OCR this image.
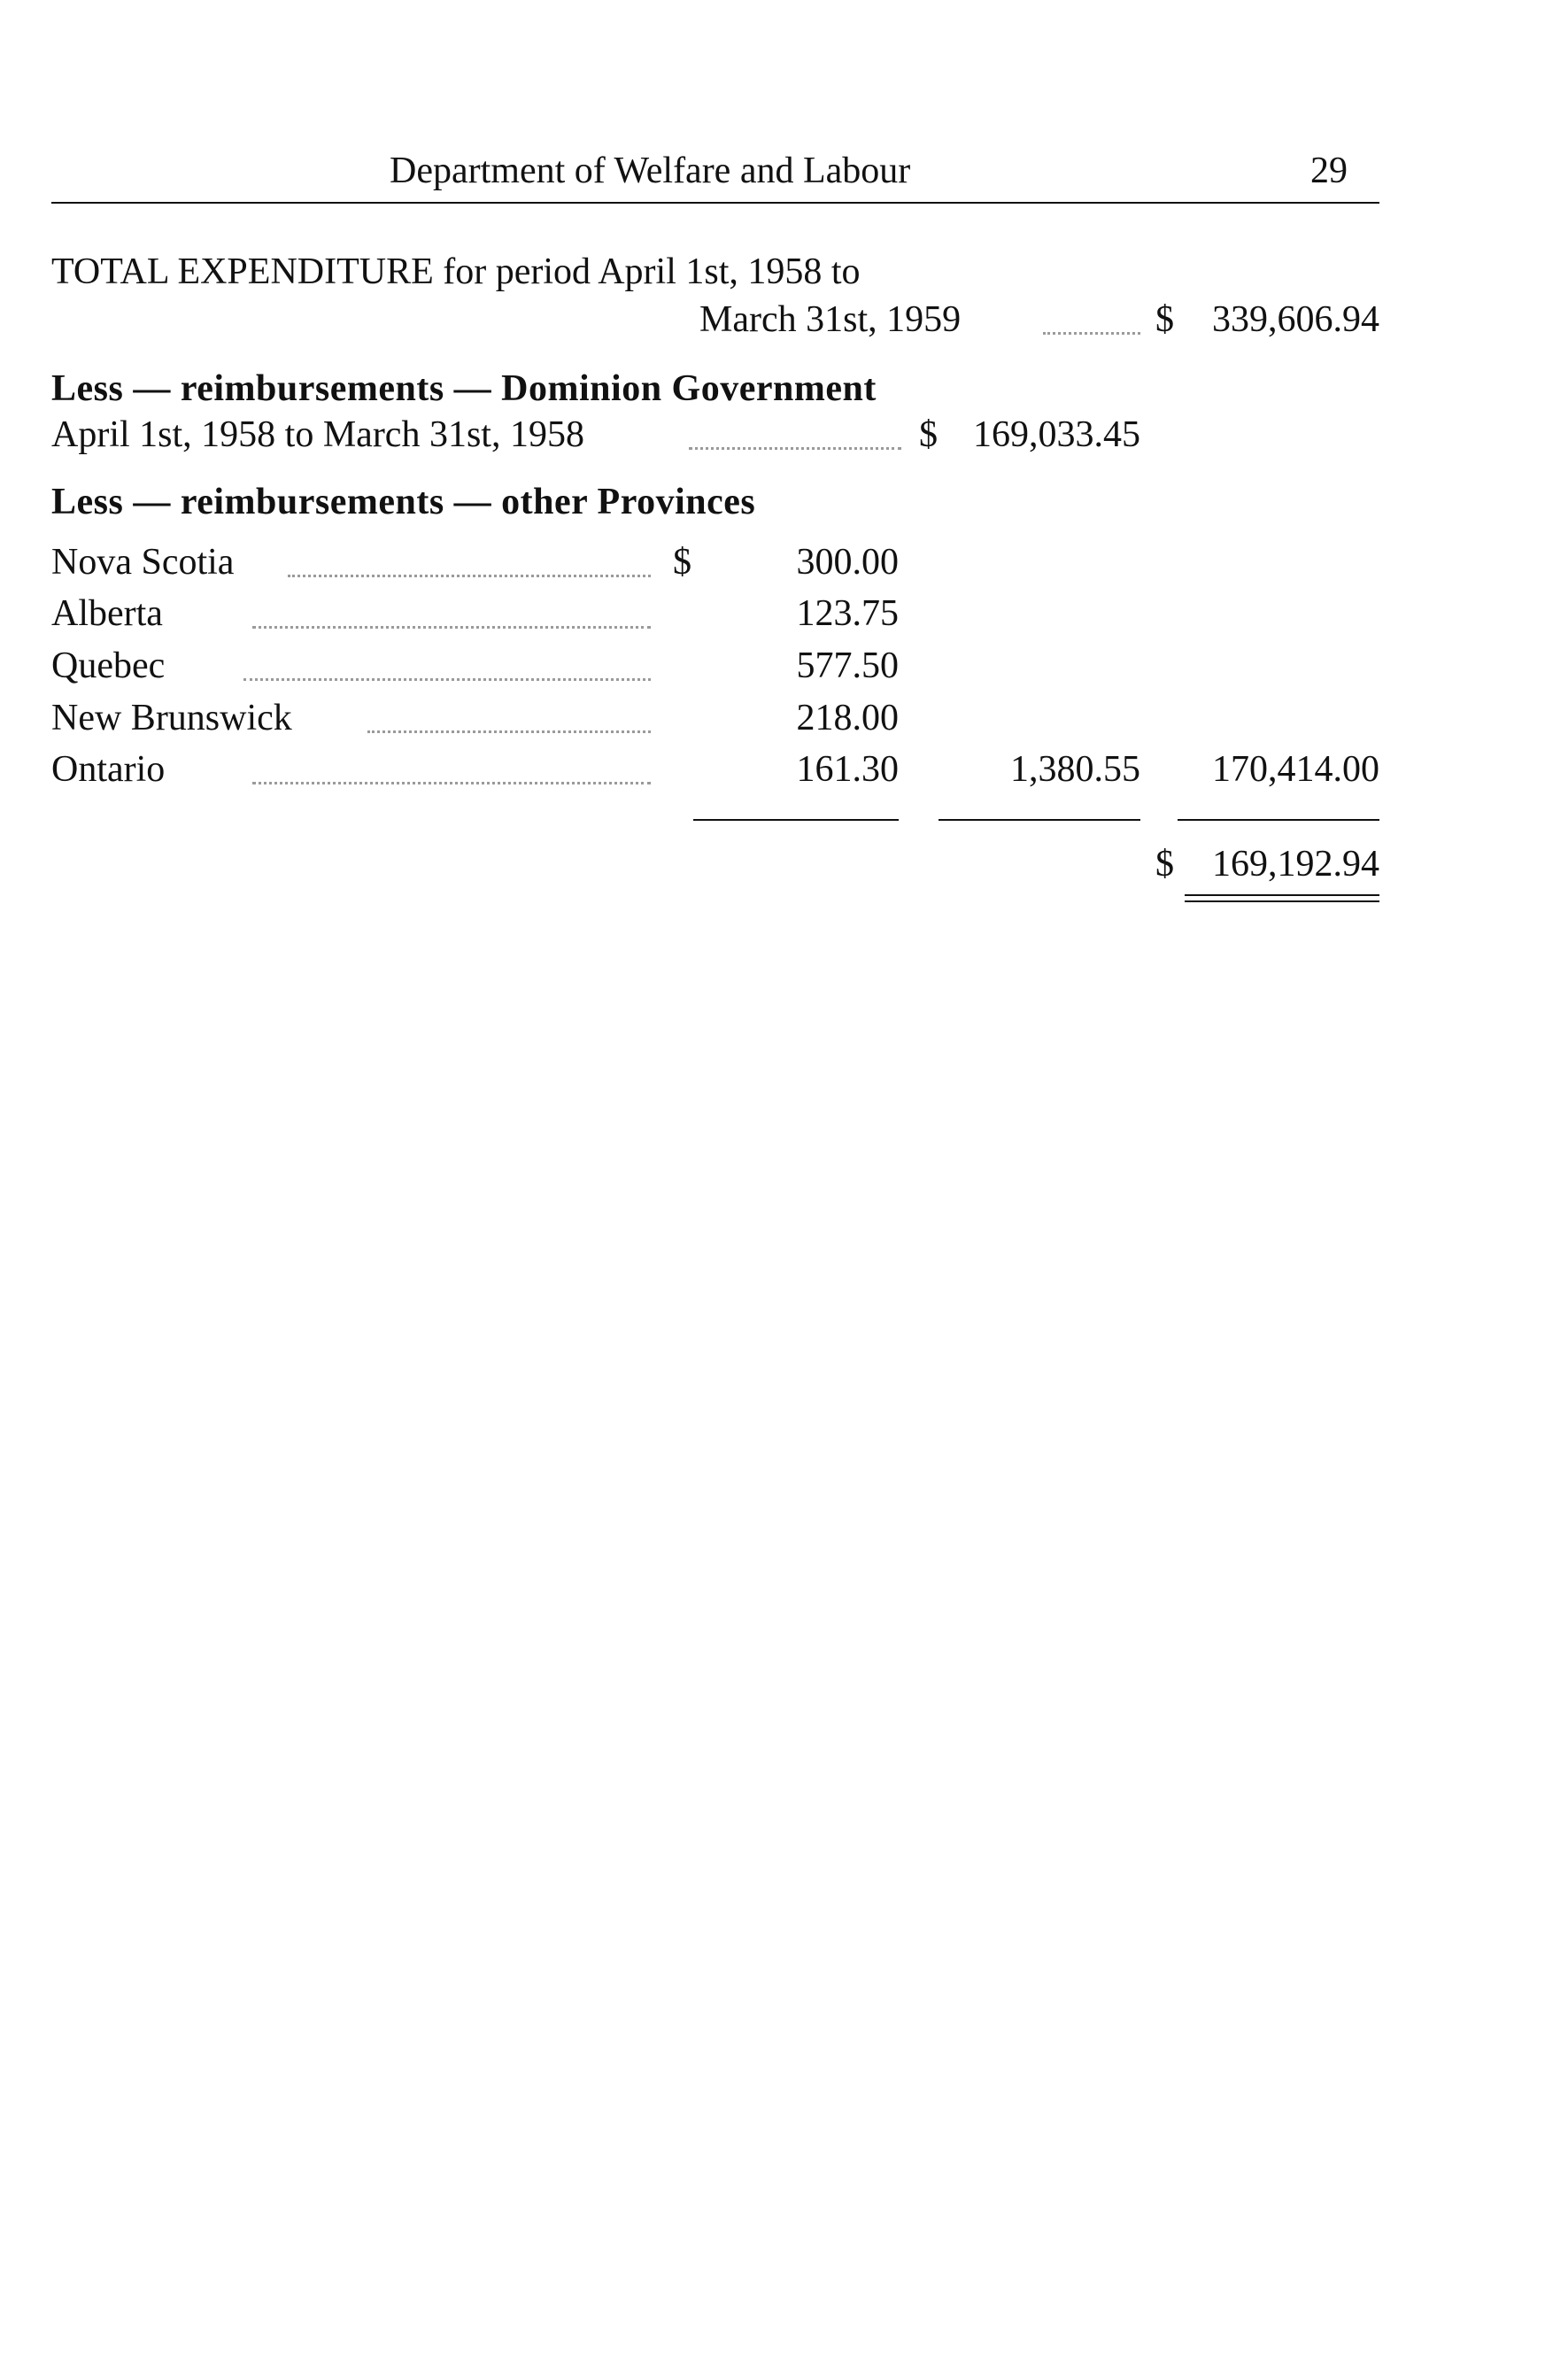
Department of Welfare and Labour	29
TOTAL EXPENDITURE for period April 1st, 1958 to
March 31st, 1959	$	339,606.94
Less — reimbursements — Dominion Government
April 1st, 1958 to March 31st, 1958	$ 169,033.45
Less — reimbursements — other Provinces
Nova Scotia	$	300.00
Alberta	123.75
Quebec	577.50
New Brunswick	218.00
Ontario	161.30	1,380.55	170,414.00
$	169,192.94
